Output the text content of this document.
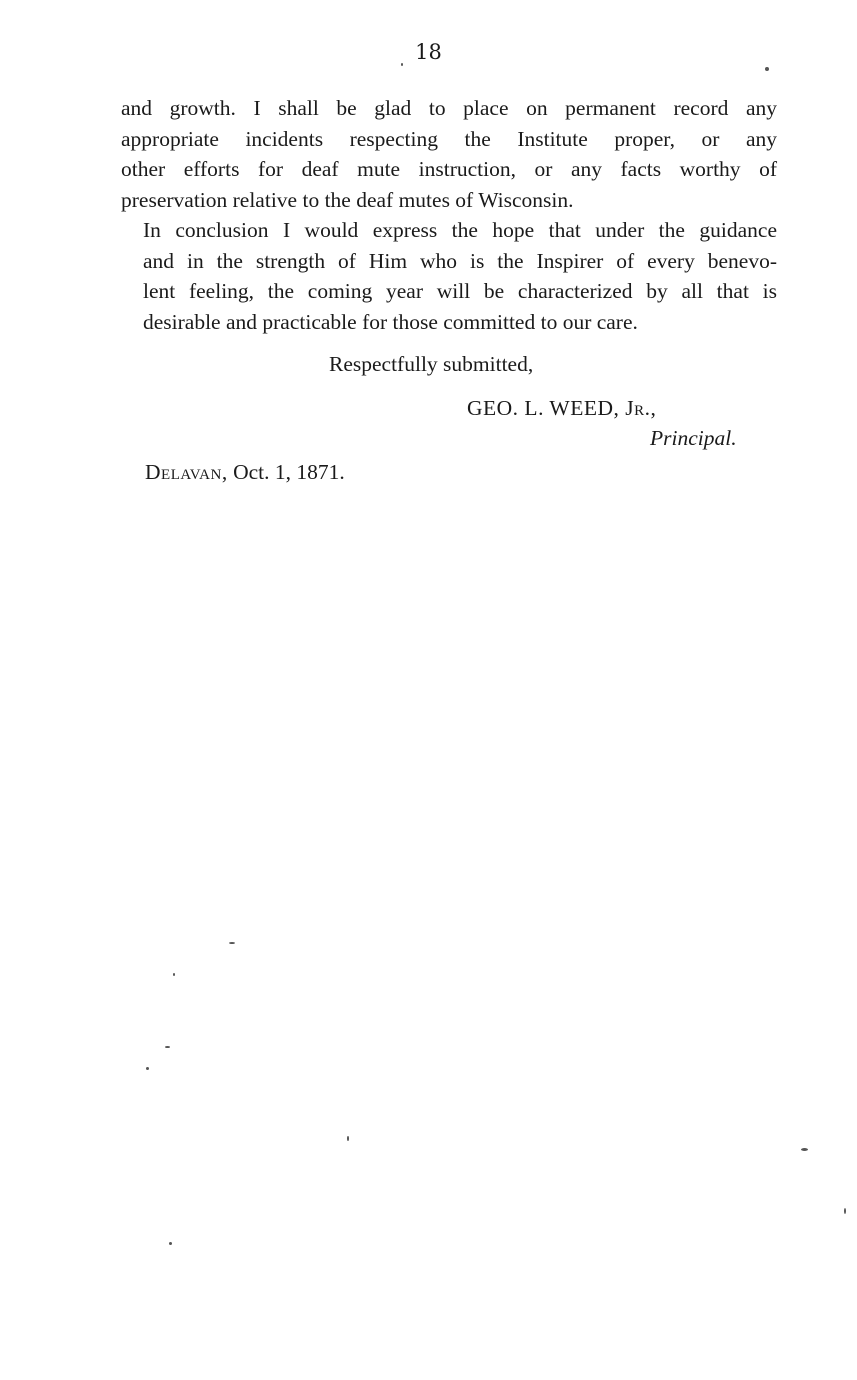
18

and growth. I shall be glad to place on permanent record any
appropriate incidents respecting the Institute proper, or any
other efforts for deaf mute instruction, or any facts worthy of
preservation relative to the deaf mutes of Wisconsin.

In conclusion I would express the hope that under the guidance
and in the strength of Him who is the Inspirer of every benevo-
lent feeling, the coming year will be characterized by all that is
desirable and practicable for those committed to our care.

Respectfully submitted,
GEO. L. WEED, Jr.,
Principal.
Delavan, Oct. 1, 1871.
